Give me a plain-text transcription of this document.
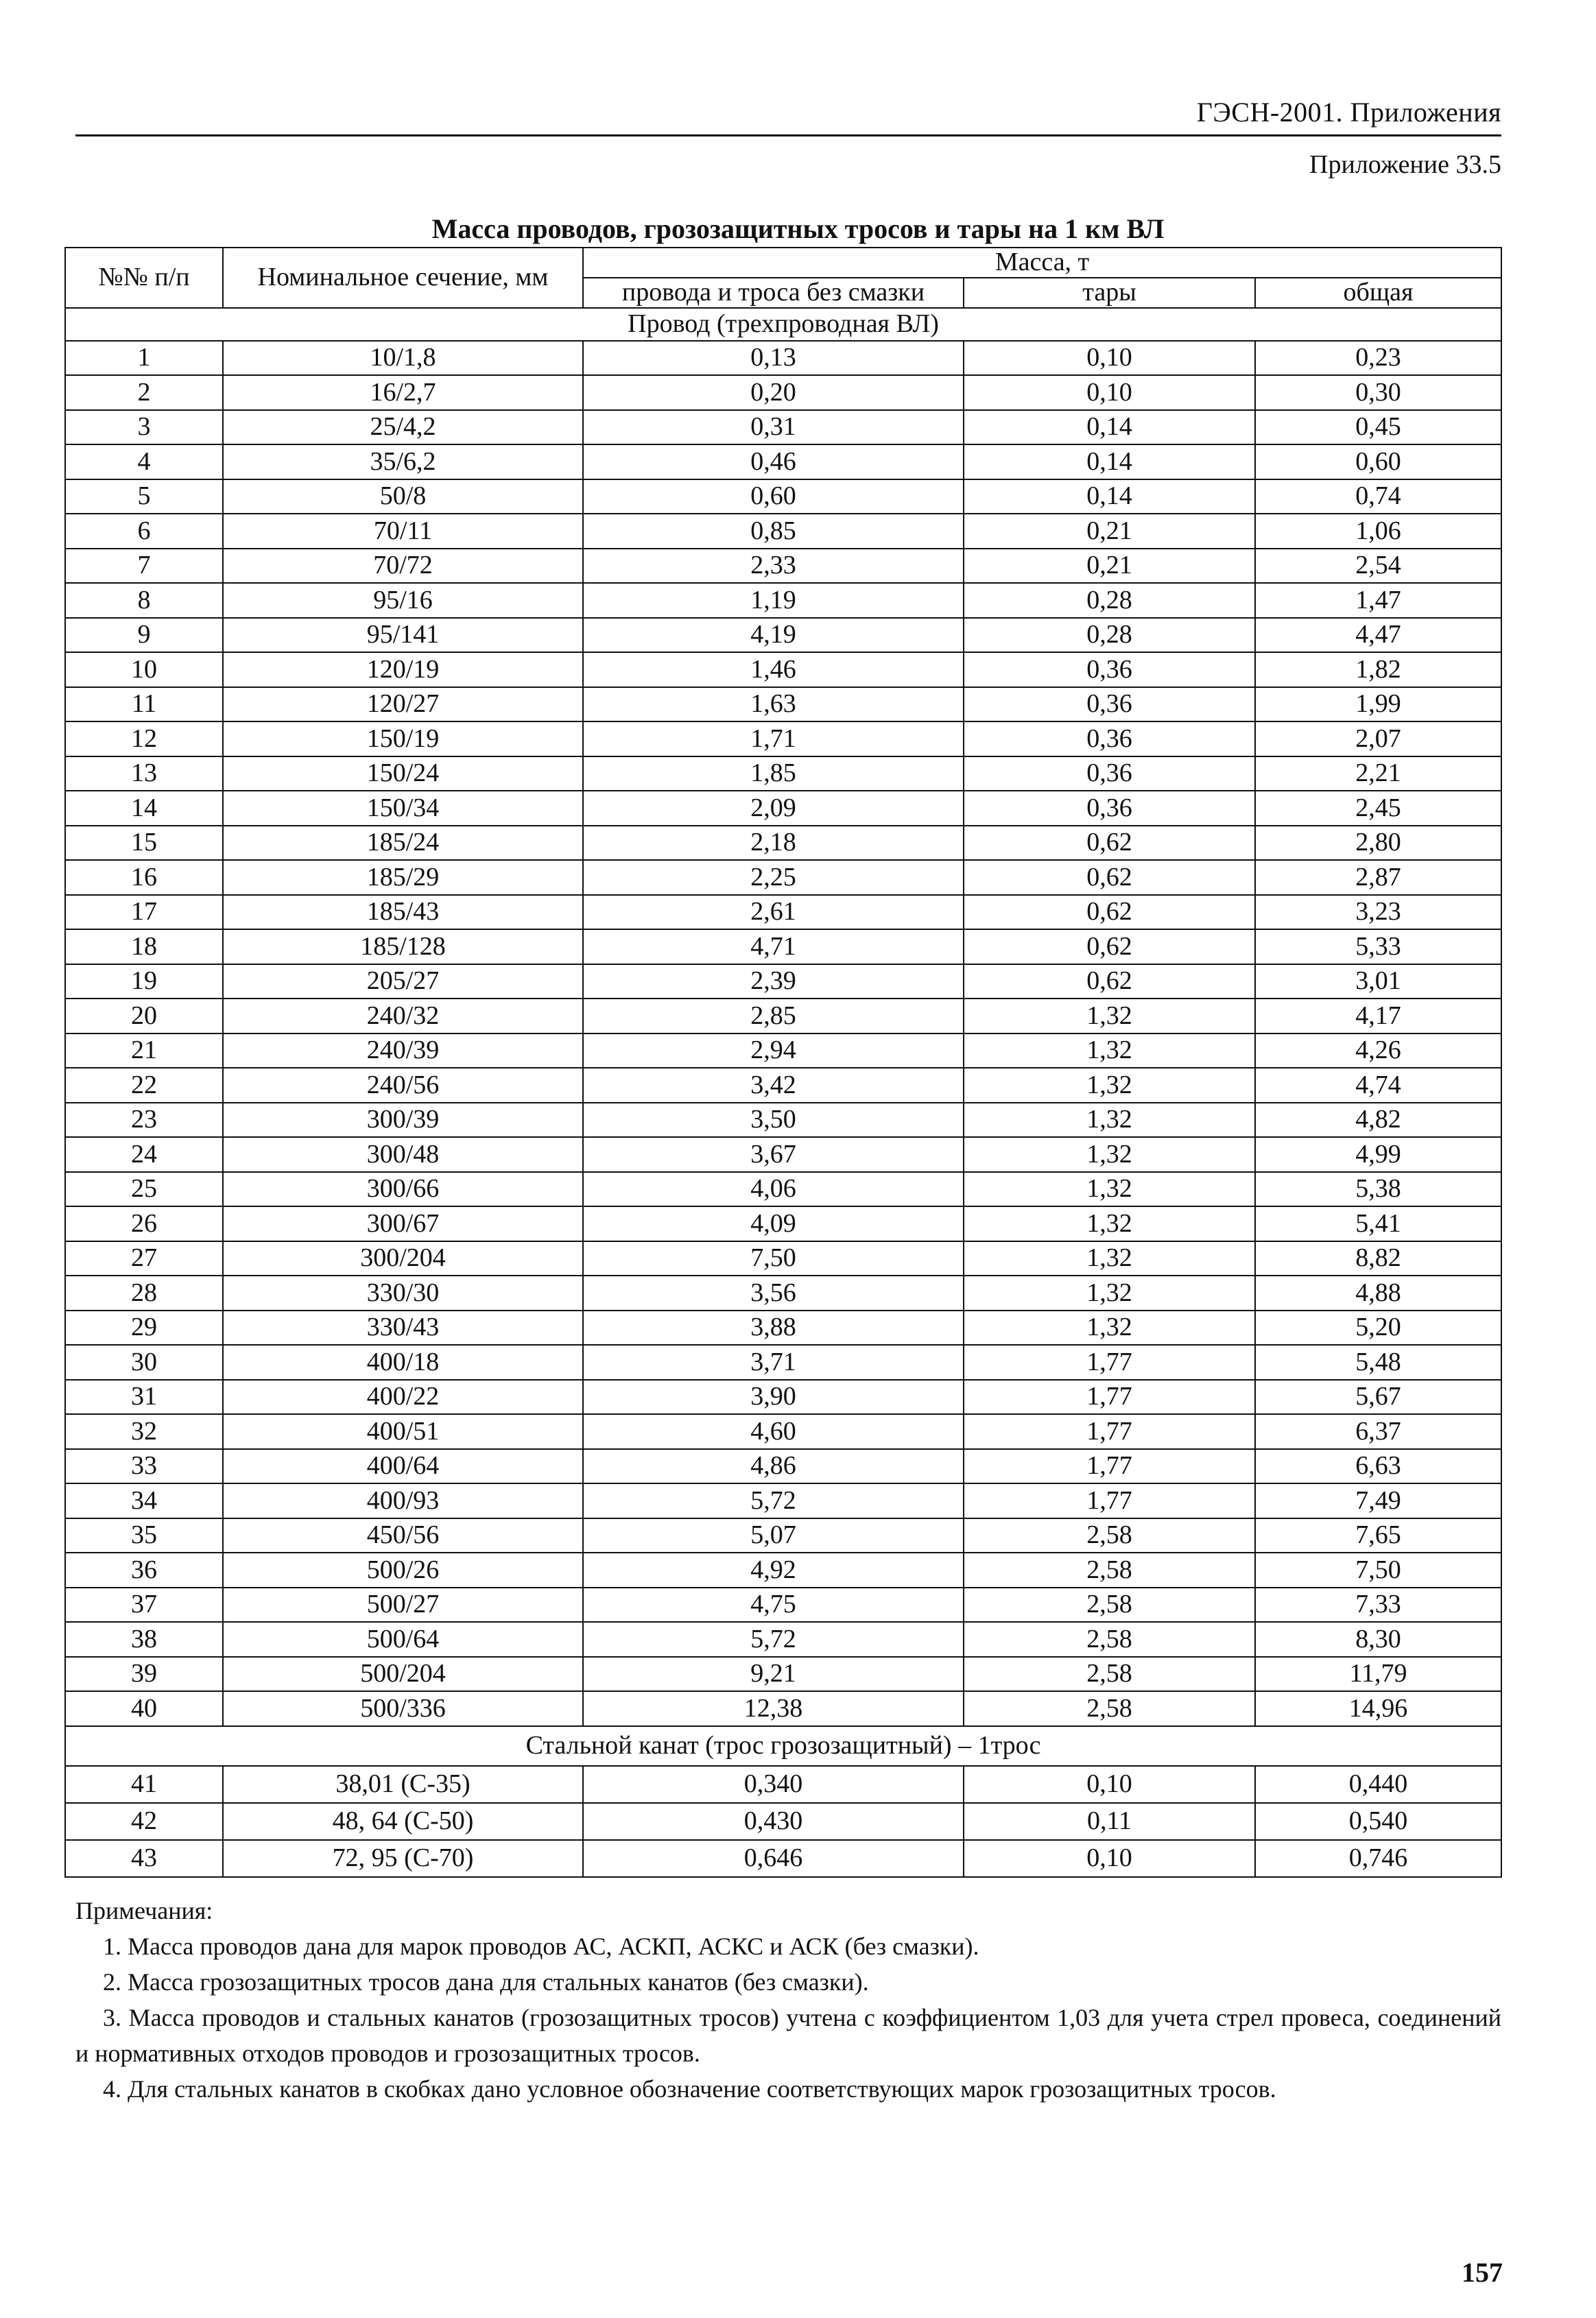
ГЭСН-2001. Приложения
Приложение 33.5
Масса проводов, грозозащитных тросов и тары на 1 км ВЛ
№№ п/п	Номинальное сечение, мм	Масса, т		
		провода и троса без смазки	тары	общая
Провод (трехпроводная ВЛ)				
1	10/1,8	0,13	0,10	0,23
2	16/2,7	0,20	0,10	0,30
3	25/4,2	0,31	0,14	0,45
4	35/6,2	0,46	0,14	0,60
5	50/8	0,60	0,14	0,74
6	70/11	0,85	0,21	1,06
7	70/72	2,33	0,21	2,54
8	95/16	1,19	0,28	1,47
9	95/141	4,19	0,28	4,47
10	120/19	1,46	0,36	1,82
11	120/27	1,63	0,36	1,99
12	150/19	1,71	0,36	2,07
13	150/24	1,85	0,36	2,21
14	150/34	2,09	0,36	2,45
15	185/24	2,18	0,62	2,80
16	185/29	2,25	0,62	2,87
17	185/43	2,61	0,62	3,23
18	185/128	4,71	0,62	5,33
19	205/27	2,39	0,62	3,01
20	240/32	2,85	1,32	4,17
21	240/39	2,94	1,32	4,26
22	240/56	3,42	1,32	4,74
23	300/39	3,50	1,32	4,82
24	300/48	3,67	1,32	4,99
25	300/66	4,06	1,32	5,38
26	300/67	4,09	1,32	5,41
27	300/204	7,50	1,32	8,82
28	330/30	3,56	1,32	4,88
29	330/43	3,88	1,32	5,20
30	400/18	3,71	1,77	5,48
31	400/22	3,90	1,77	5,67
32	400/51	4,60	1,77	6,37
33	400/64	4,86	1,77	6,63
34	400/93	5,72	1,77	7,49
35	450/56	5,07	2,58	7,65
36	500/26	4,92	2,58	7,50
37	500/27	4,75	2,58	7,33
38	500/64	5,72	2,58	8,30
39	500/204	9,21	2,58	11,79
40	500/336	12,38	2,58	14,96
Стальной канат (трос грозозащитный) – 1трос				
41	38,01 (С-35)	0,340	0,10	0,440
42	48, 64 (С-50)	0,430	0,11	0,540
43	72, 95 (С-70)	0,646	0,10	0,746

Примечания:

1. Масса проводов дана для марок проводов АС, АСКП, АСКС и АСК (без смазки).

2. Масса грозозащитных тросов дана для стальных канатов (без смазки).

3. Масса проводов и стальных канатов (грозозащитных тросов) учтена с коэффициентом 1,03 для учета стрел провеса, соединений и нормативных отходов проводов и грозозащитных тросов.

4. Для стальных канатов в скобках дано условное обозначение соответствующих марок грозозащитных тросов.

157
